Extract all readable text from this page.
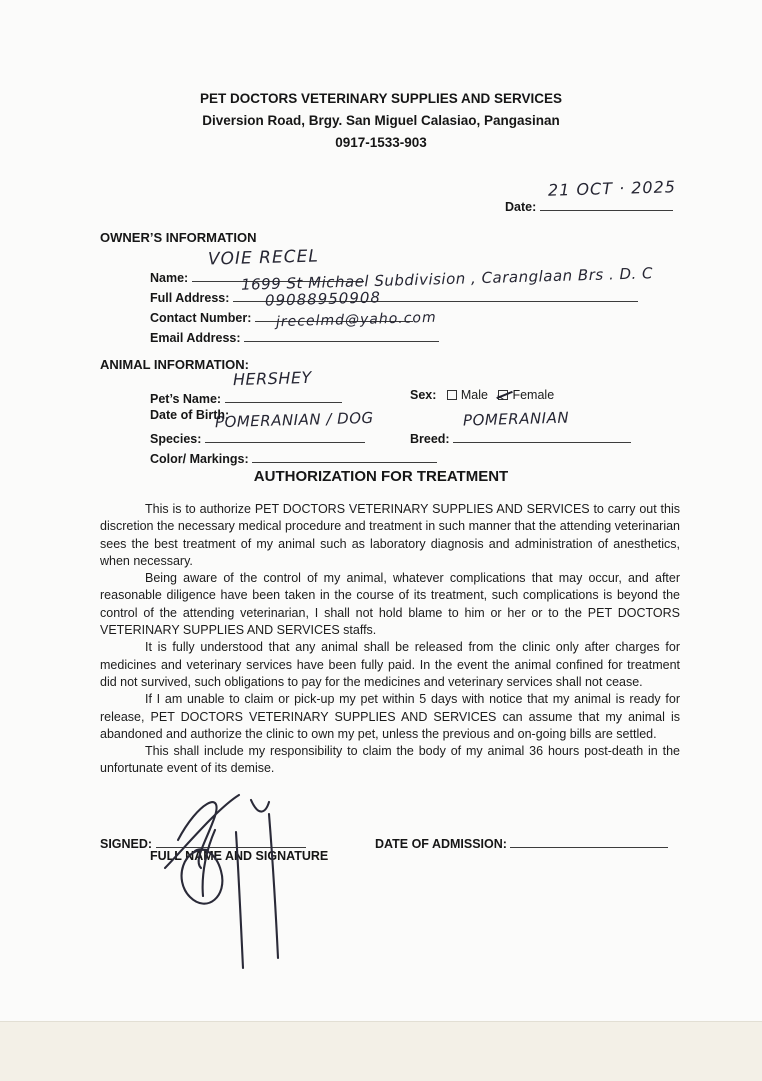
PET DOCTORS VETERINARY SUPPLIES AND SERVICES
Diversion Road, Brgy. San Miguel Calasiao, Pangasinan
0917-1533-903
Date:
21 OCT · 2025
OWNER’S INFORMATION
Name:
VOIE RECEL
Full Address:
1699 St Michael Subdivision , Caranglaan Brs . D. C
Contact Number:
09088950908
Email Address:
jrecelmd@yaho.com
ANIMAL INFORMATION:
Pet’s Name:
HERSHEY
Sex: Male Female
Date of Birth:
Species:
POMERANIAN / DOG
Breed:
POMERANIAN
Color/ Markings:
AUTHORIZATION FOR TREATMENT

This is to authorize PET DOCTORS VETERINARY SUPPLIES AND SERVICES to carry out this discretion the necessary medical procedure and treatment in such manner that the attending veterinarian sees the best treatment of my animal such as laboratory diagnosis and administration of anesthetics, when necessary.

Being aware of the control of my animal, whatever complications that may occur, and after reasonable diligence have been taken in the course of its treatment, such complications is beyond the control of the attending veterinarian, I shall not hold blame to him or her or to the PET DOCTORS VETERINARY SUPPLIES AND SERVICES staffs.

It is fully understood that any animal shall be released from the clinic only after charges for medicines and veterinary services have been fully paid. In the event the animal confined for treatment did not survived, such obligations to pay for the medicines and veterinary services shall not cease.

If I am unable to claim or pick-up my pet within 5 days with notice that my animal is ready for release, PET DOCTORS VETERINARY SUPPLIES AND SERVICES can assume that my animal is abandoned and authorize the clinic to own my pet, unless the previous and on-going bills are settled.

This shall include my responsibility to claim the body of my animal 36 hours post-death in the unfortunate event of its demise.

SIGNED:
FULL NAME AND SIGNATURE
DATE OF ADMISSION:
